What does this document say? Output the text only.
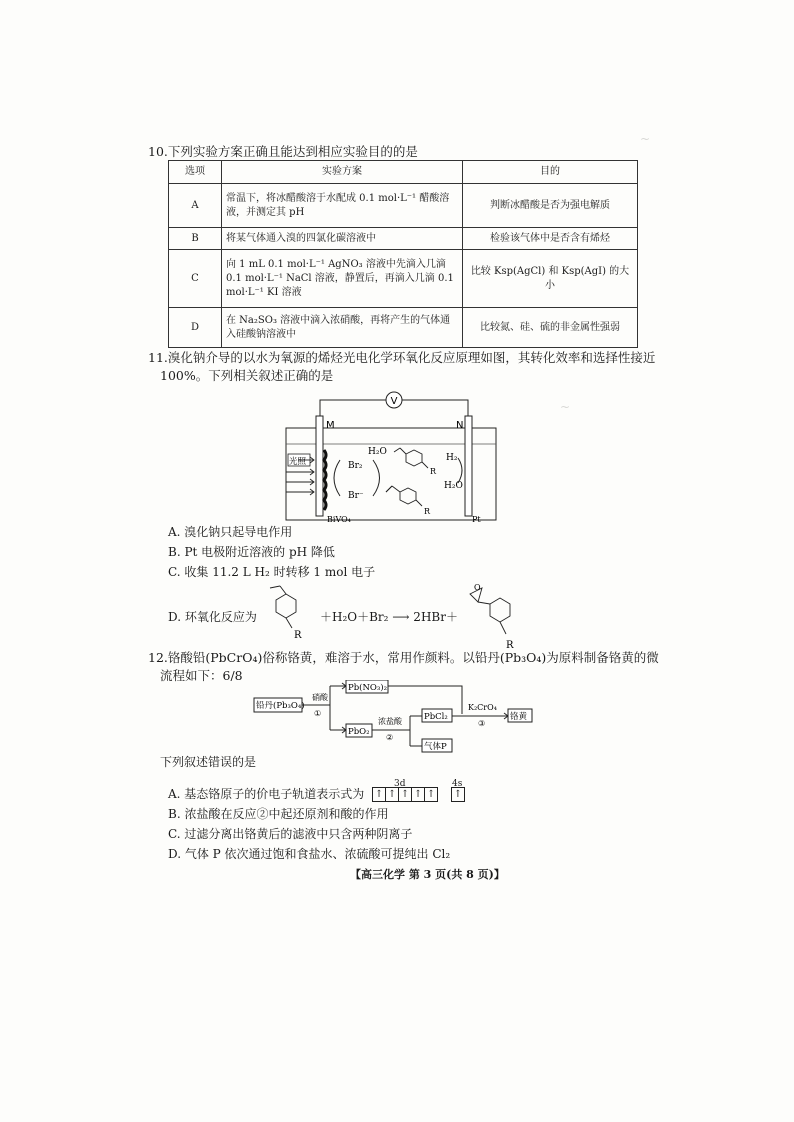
~
~
10.下列实验方案正确且能达到相应实验目的的是
选项	实验方案	目的
A	常温下，将冰醋酸溶于水配成 0.1 mol·L⁻¹ 醋酸溶液，并测定其 pH	判断冰醋酸是否为强电解质
B	将某气体通入溴的四氯化碳溶液中	检验该气体中是否含有烯烃
C	向 1 mL 0.1 mol·L⁻¹ AgNO₃ 溶液中先滴入几滴 0.1 mol·L⁻¹ NaCl 溶液，静置后，再滴入几滴 0.1 mol·L⁻¹ KI 溶液	比较 Ksp(AgCl) 和 Ksp(AgI) 的大小
D	在 Na₂SO₃ 溶液中滴入浓硝酸，再将产生的气体通入硅酸钠溶液中	比较氮、硅、硫的非金属性强弱
11.溴化钠介导的以水为氧源的烯烃光电化学环氧化反应原理如图，其转化效率和选择性接近
100%。下列相关叙述正确的是
V
M	N
光照	Br₂
Br⁻
H₂O
R
R
H₂
H₂O
BiVO₄	Pt
A. 溴化钠只起导电作用
B. Pt 电极附近溶液的 pH 降低
C. 收集 11.2 L H₂ 时转移 1 mol 电子
D. 环氧化反应为
R
＋H₂O＋Br₂ ⟶ 2HBr＋
O
R
12.铬酸铅(PbCrO₄)俗称铬黄，难溶于水，常用作颜料。以铅丹(Pb₃O₄)为原料制备铬黄的微
流程如下：6/8
铅丹(Pb₃O₄)
硝酸
①
Pb(NO₃)₂
PbO₂
浓盐酸
②
PbCl₂
气体P
K₂CrO₄
③
铬黄
下列叙述错误的是
A. 基态铬原子的价电子轨道表示式为 ↑ ↑ ↑ ↑ ↑
↑
3d	4s
B. 浓盐酸在反应②中起还原剂和酸的作用
C. 过滤分离出铬黄后的滤液中只含两种阴离子
D. 气体 P 依次通过饱和食盐水、浓硫酸可提纯出 Cl₂
【高三化学 第 3 页(共 8 页)】
